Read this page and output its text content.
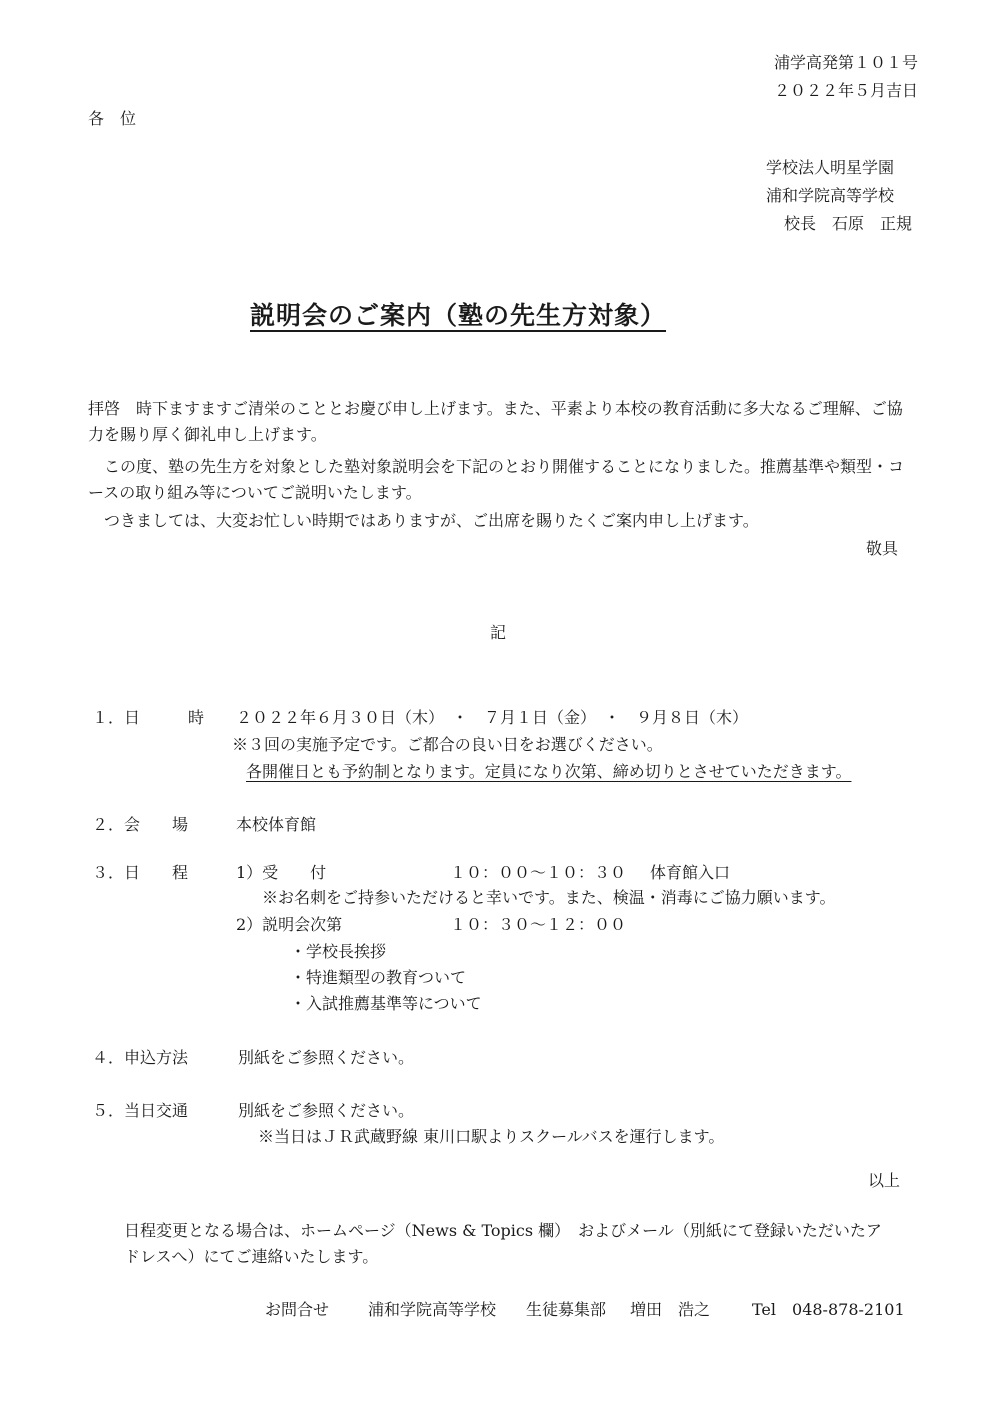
浦学高発第１０１号
２０２２年５月吉日
各　位
学校法人明星学園
浦和学院高等学校
校長　石原　正規
説明会のご案内（塾の先生方対象）
拝啓　時下ますますご清栄のこととお慶び申し上げます。また、平素より本校の教育活動に多大なるご理解、ご協力を賜り厚く御礼申し上げます。
この度、塾の先生方を対象とした塾対象説明会を下記のとおり開催することになりました。推薦基準や類型・コースの取り組み等についてご説明いたします。
つきましては、大変お忙しい時期ではありますが、ご出席を賜りたくご案内申し上げます。
敬具
記
１．日　　　時 ２０２２年６月３０日（木）　・　７月１日（金）　・　９月８日（木）
※３回の実施予定です。ご都合の良い日をお選びください。
各開催日とも予約制となります。定員になり次第、締め切りとさせていただきます。
２．会　　場	本校体育館
３．日　　程	1）受　　付	１０：００～１０：３０ 体育館入口
※お名刺をご持参いただけると幸いです。また、検温・消毒にご協力願います。
2）説明会次第	１０：３０～１２：００
・学校長挨拶
・特進類型の教育ついて
・入試推薦基準等について
４．申込方法	別紙をご参照ください。
５．当日交通	別紙をご参照ください。
※当日はＪＲ武蔵野線 東川口駅よりスクールバスを運行します。
以上
日程変更となる場合は、ホームページ（News & Topics 欄）　およびメール（別紙にて登録いただいたアドレスへ）にてご連絡いたします。
お問合せ 浦和学院高等学校 生徒募集部 増田　浩之	Tel　048-878-2101
